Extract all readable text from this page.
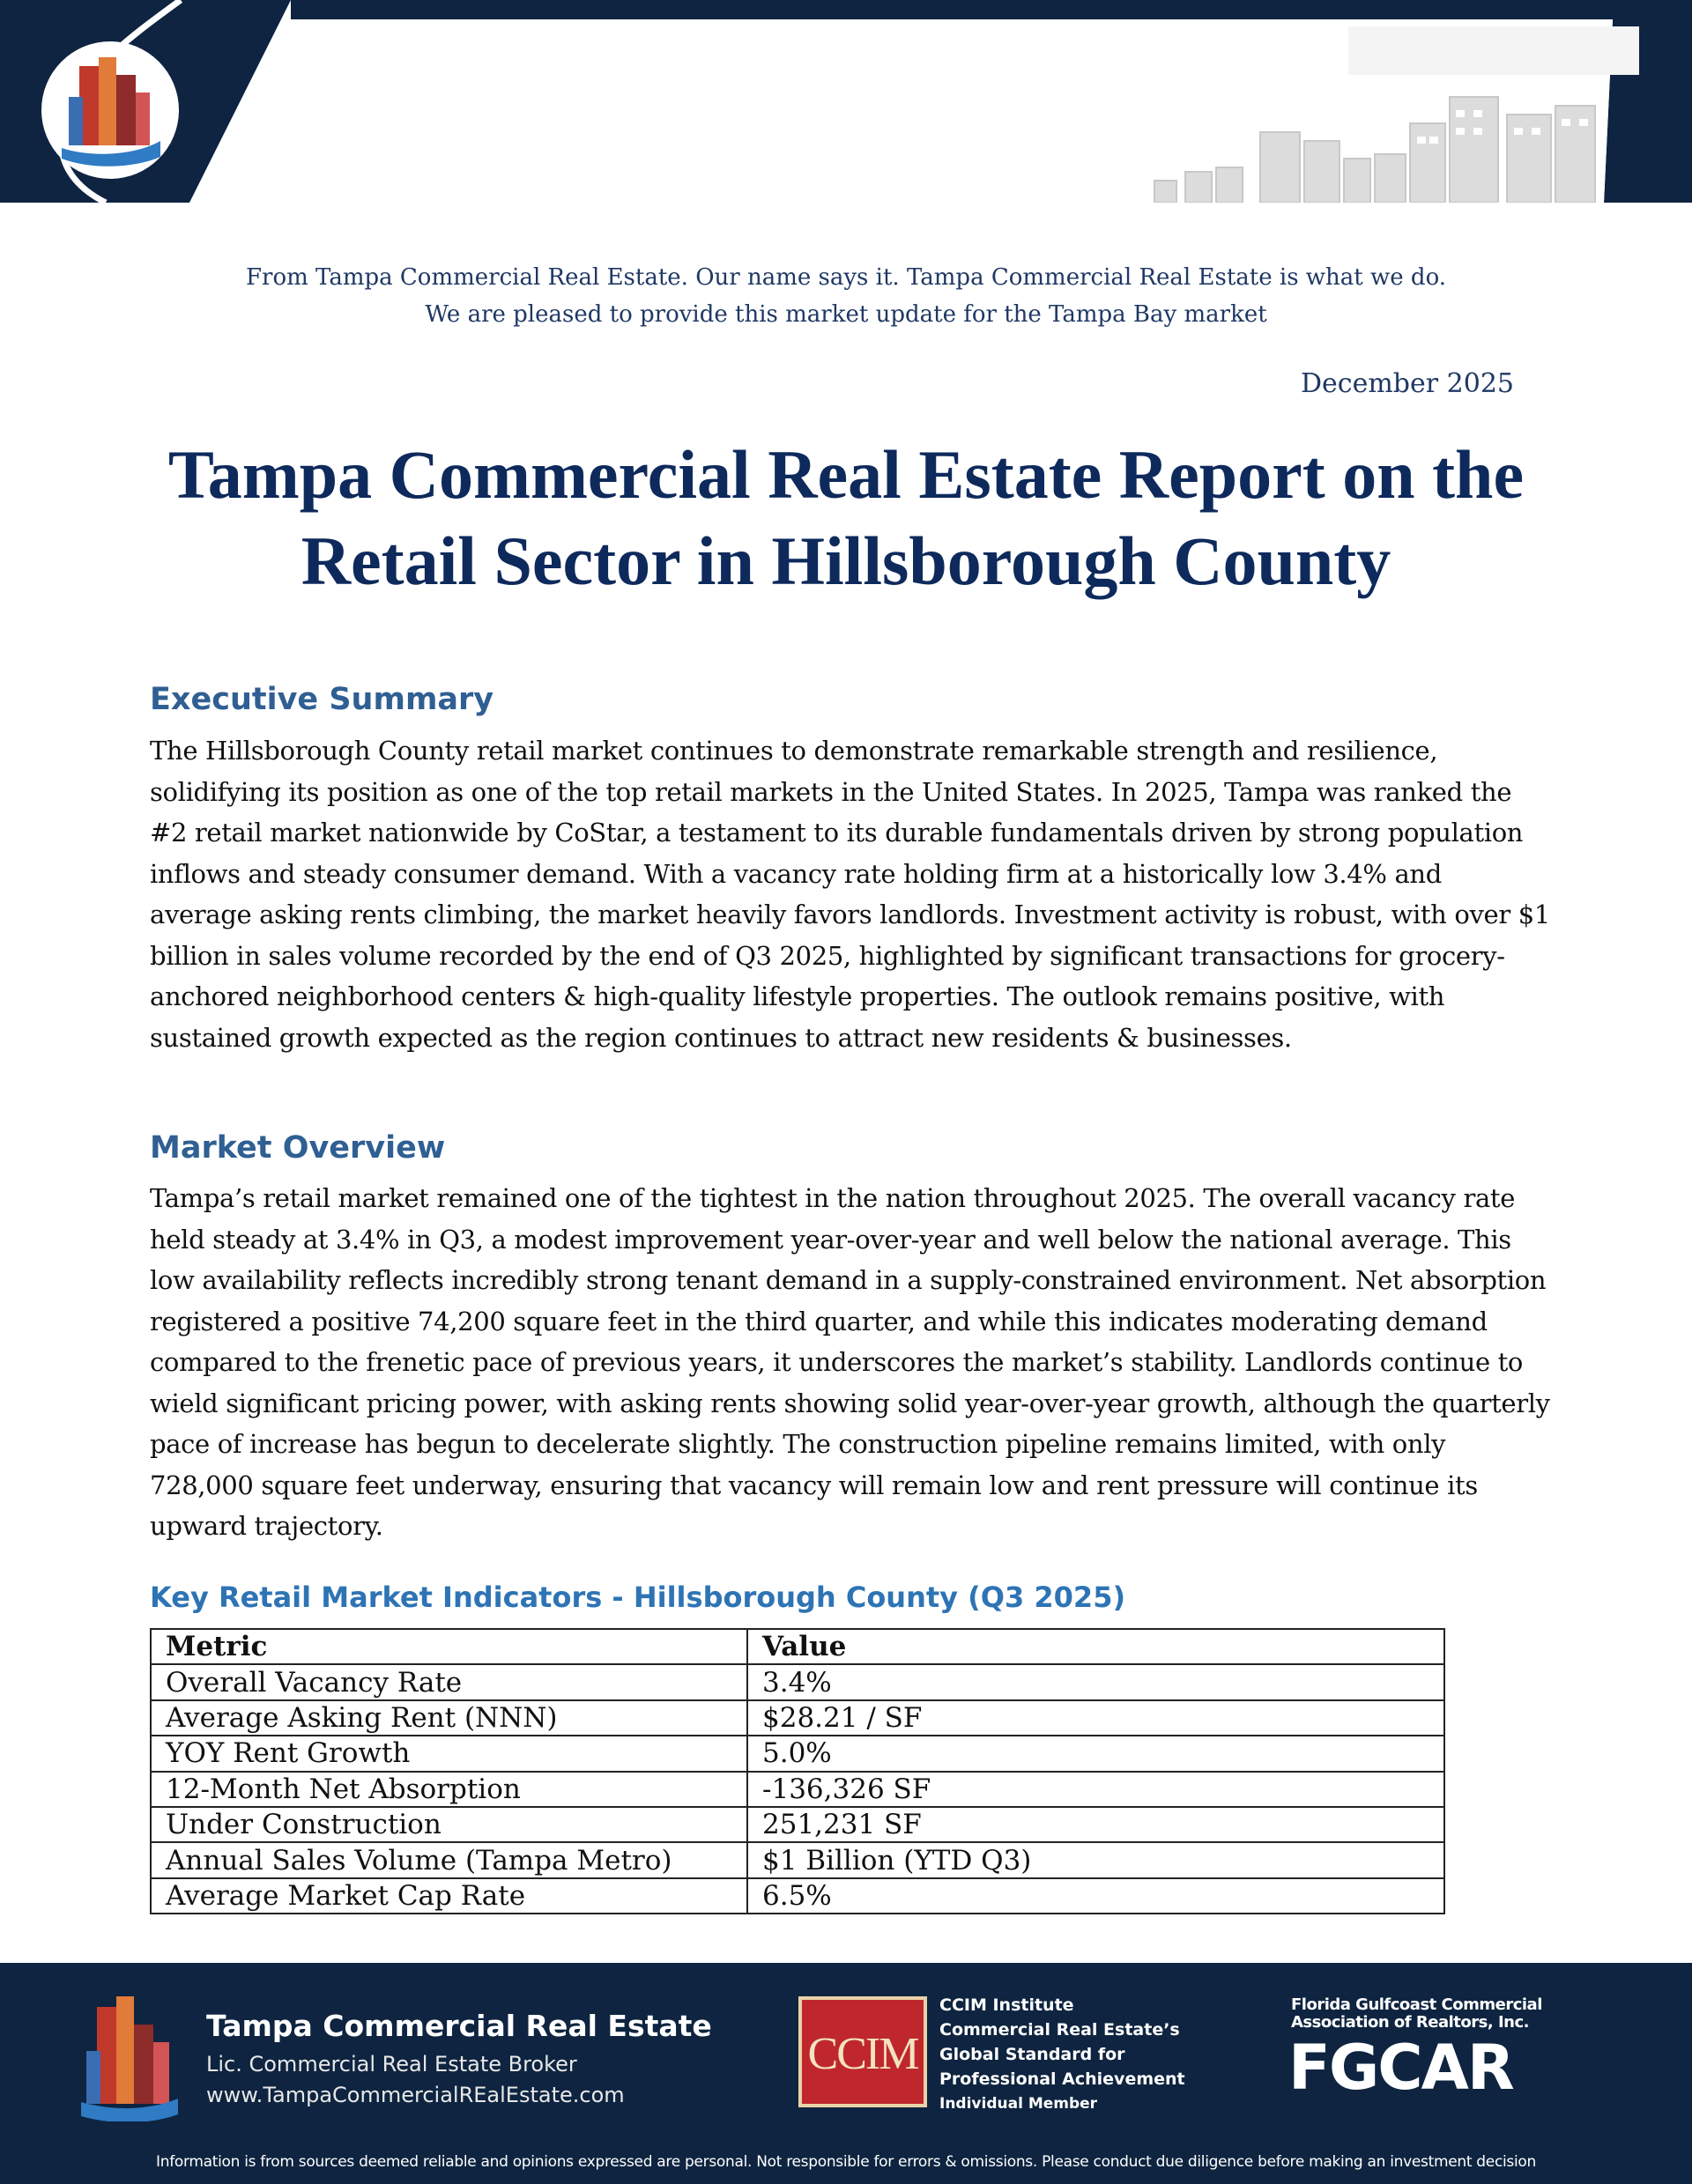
From Tampa Commercial Real Estate. Our name says it. Tampa Commercial Real Estate is what we do.
We are pleased to provide this market update for the Tampa Bay market
December 2025
Tampa Commercial Real Estate Report on the
Retail Sector in Hillsborough County
Executive Summary

The Hillsborough County retail market continues to demonstrate remarkable strength and resilience, solidifying its position as one of the top retail markets in the United States. In 2025, Tampa was ranked the #2 retail market nationwide by CoStar, a testament to its durable fundamentals driven by strong population inflows and steady consumer demand. With a vacancy rate holding firm at a historically low 3.4% and average asking rents climbing, the market heavily favors landlords. Investment activity is robust, with over $1 billion in sales volume recorded by the end of Q3 2025, highlighted by significant transactions for grocery-anchored neighborhood centers & high-quality lifestyle properties. The outlook remains positive, with sustained growth expected as the region continues to attract new residents & businesses.

Market Overview

Tampa’s retail market remained one of the tightest in the nation throughout 2025. The overall vacancy rate held steady at 3.4% in Q3, a modest improvement year-over-year and well below the national average. This low availability reflects incredibly strong tenant demand in a supply-constrained environment. Net absorption registered a positive 74,200 square feet in the third quarter, and while this indicates moderating demand compared to the frenetic pace of previous years, it underscores the market’s stability. Landlords continue to wield significant pricing power, with asking rents showing solid year-over-year growth, although the quarterly pace of increase has begun to decelerate slightly. The construction pipeline remains limited, with only 728,000 square feet underway, ensuring that vacancy will remain low and rent pressure will continue its upward trajectory.

Key Retail Market Indicators - Hillsborough County (Q3 2025)
Metric	Value
Overall Vacancy Rate	3.4%
Average Asking Rent (NNN)	$28.21 / SF
YOY Rent Growth	5.0%
12-Month Net Absorption	-136,326 SF
Under Construction	251,231 SF
Annual Sales Volume (Tampa Metro)	$1 Billion (YTD Q3)
Average Market Cap Rate	6.5%
Tampa Commercial Real Estate
Lic. Commercial Real Estate Broker
www.TampaCommercialREalEstate.com
CCIM
CCIM Institute
Commercial Real Estate’s
Global Standard for
Professional Achievement
Individual Member
Florida Gulfcoast Commercial
Association of Realtors, Inc.
FGCAR
Information is from sources deemed reliable and opinions expressed are personal. Not responsible for errors & omissions. Please conduct due diligence before making an investment decision
